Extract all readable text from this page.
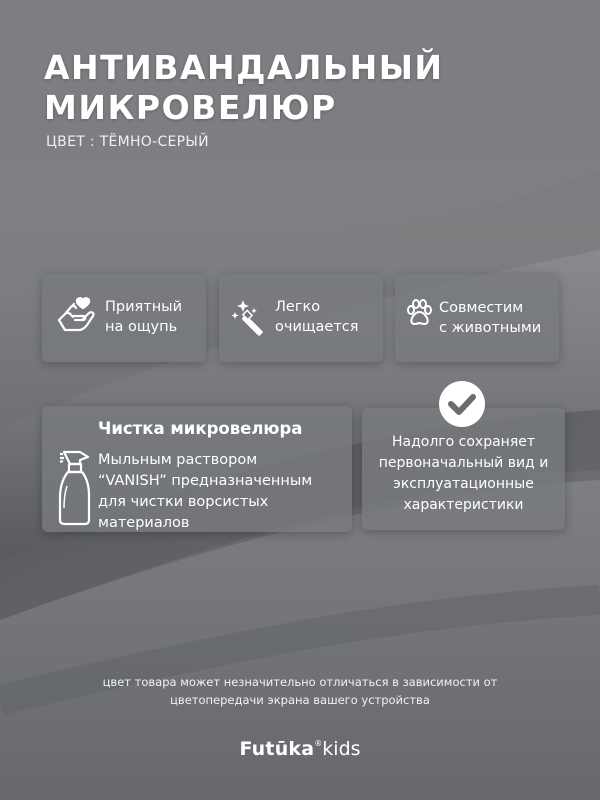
АНТИВАНДАЛЬНЫЙ
МИКРОВЕЛЮР
ЦВЕТ : ТЁМНО-СЕРЫЙ
Приятный
на ощупь
Легко
очищается
Совместим
с животными
Чистка микровелюра
Мыльным раствором
“VANISH” предназначенным
для чистки ворсистых
материалов
Надолго сохраняет
первоначальный вид и
эксплуатационные
характеристики
цвет товара может незначительно отличаться в зависимости от
цветопередачи экрана вашего устройства
Futūka®kids
